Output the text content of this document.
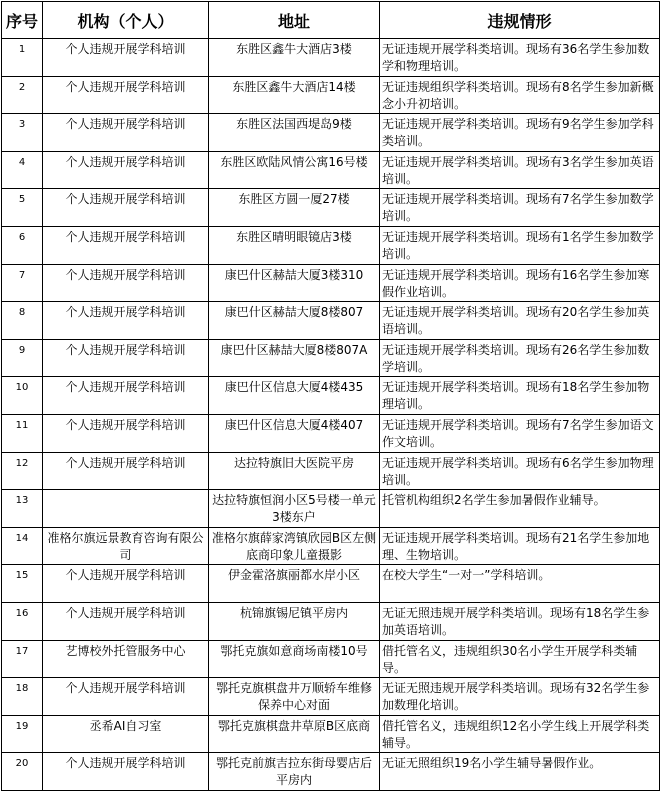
序号	机构（个人）	地址	违规情形
1	个人违规开展学科培训	东胜区鑫牛大酒店3楼	无证违规开展学科类培训。现场有36名学生参加数学和物理培训。
2	个人违规开展学科培训	东胜区鑫牛大酒店14楼	无证违规组织学科类培训。现场有8名学生参加新概念小升初培训。
3	个人违规开展学科培训	东胜区法国西堤岛9楼	无证违规开展学科类培训。现场有9名学生参加学科类培训。
4	个人违规开展学科培训	东胜区欧陆风情公寓16号楼	无证违规开展学科类培训。现场有3名学生参加英语培训。
5	个人违规开展学科培训	东胜区方圆一厦27楼	无证违规开展学科类培训。现场有7名学生参加数学培训。
6	个人违规开展学科培训	东胜区晴明眼镜店3楼	无证违规开展学科类培训。现场有1名学生参加数学培训。
7	个人违规开展学科培训	康巴什区赫喆大厦3楼310	无证违规开展学科类培训。现场有16名学生参加寒假作业培训。
8	个人违规开展学科培训	康巴什区赫喆大厦8楼807	无证违规开展学科类培训。现场有20名学生参加英语培训。
9	个人违规开展学科培训	康巴什区赫喆大厦8楼807A	无证违规开展学科类培训。现场有26名学生参加数学培训。
10	个人违规开展学科培训	康巴什区信息大厦4楼435	无证违规开展学科类培训。现场有18名学生参加物理培训。
11	个人违规开展学科培训	康巴什区信息大厦4楼407	无证违规开展学科类培训。现场有7名学生参加语文作文培训。
12	个人违规开展学科培训	达拉特旗旧大医院平房	无证违规开展学科类培训。现场有6名学生参加物理培训。
13		达拉特旗恒润小区5号楼一单元3楼东户	托管机构组织2名学生参加暑假作业辅导。
14	准格尔旗远景教育咨询有限公司	准格尔旗薛家湾镇欣园B区左侧底商印象儿童摄影	无证违规开展学科类培训。现场有21名学生参加地理、生物培训。
15	个人违规开展学科培训	伊金霍洛旗丽都水岸小区	在校大学生“一对一”学科培训。
16	个人违规开展学科培训	杭锦旗锡尼镇平房内	无证无照违规开展学科类培训。现场有18名学生参加英语培训。
17	艺博校外托管服务中心	鄂托克旗如意商场南楼10号	借托管名义，违规组织30名小学生开展学科类辅导。
18	个人违规开展学科培训	鄂托克旗棋盘井万顺轿车维修保养中心对面	无证无照违规开展学科类培训。现场有32名学生参加数理化培训。
19	丞希AI自习室	鄂托克旗棋盘井草原B区底商	借托管名义，违规组织12名小学生线上开展学科类辅导。
20	个人违规开展学科培训	鄂托克前旗吉拉东街母婴店后平房内	无证无照组织19名小学生辅导暑假作业。
